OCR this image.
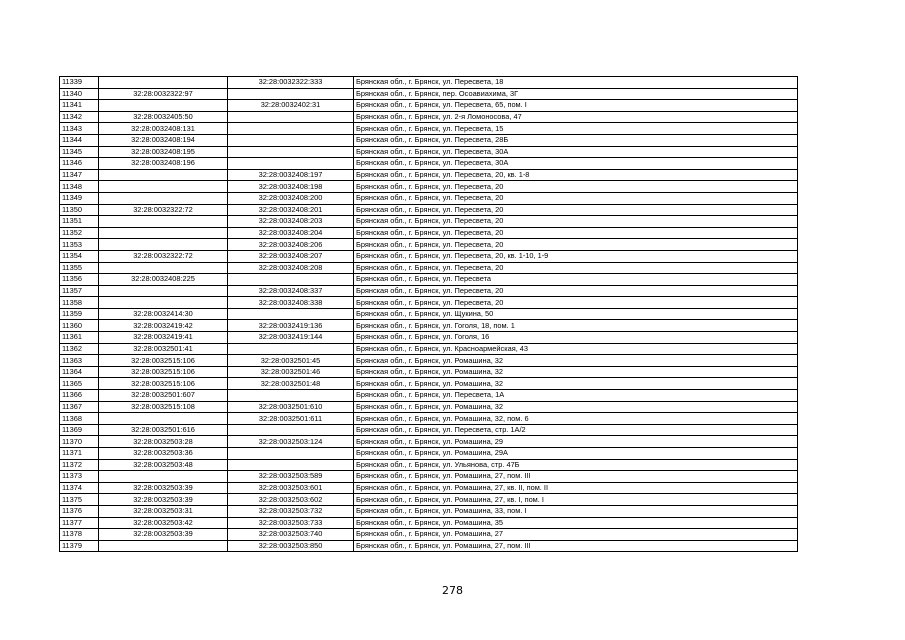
11339		32:28:0032322:333	Брянская обл., г. Брянск, ул. Пересвета, 18
11340	32:28:0032322:97		Брянская обл., г. Брянск, пер. Осоавиахима, 3Г
11341		32:28:0032402:31	Брянская обл., г. Брянск, ул. Пересвета, 65, пом. I
11342	32:28:0032405:50		Брянская обл., г. Брянск, ул. 2-я Ломоносова, 47
11343	32:28:0032408:131		Брянская обл., г. Брянск, ул. Пересвета, 15
11344	32:28:0032408:194		Брянская обл., г. Брянск, ул. Пересвета, 28Б
11345	32:28:0032408:195		Брянская обл., г. Брянск, ул. Пересвета, 30А
11346	32:28:0032408:196		Брянская обл., г. Брянск, ул. Пересвета, 30А
11347		32:28:0032408:197	Брянская обл., г. Брянск, ул. Пересвета, 20, кв. 1-8
11348		32:28:0032408:198	Брянская обл., г. Брянск, ул. Пересвета, 20
11349		32:28:0032408:200	Брянская обл., г. Брянск, ул. Пересвета, 20
11350	32:28:0032322:72	32:28:0032408:201	Брянская обл., г. Брянск, ул. Пересвета, 20
11351		32:28:0032408:203	Брянская обл., г. Брянск, ул. Пересвета, 20
11352		32:28:0032408:204	Брянская обл., г. Брянск, ул. Пересвета, 20
11353		32:28:0032408:206	Брянская обл., г. Брянск, ул. Пересвета, 20
11354	32:28:0032322:72	32:28:0032408:207	Брянская обл., г. Брянск, ул. Пересвета, 20, кв. 1-10, 1-9
11355		32:28:0032408:208	Брянская обл., г. Брянск, ул. Пересвета, 20
11356	32:28:0032408:225		Брянская обл., г. Брянск, ул. Пересвета
11357		32:28:0032408:337	Брянская обл., г. Брянск, ул. Пересвета, 20
11358		32:28:0032408:338	Брянская обл., г. Брянск, ул. Пересвета, 20
11359	32:28:0032414:30		Брянская обл., г. Брянск, ул. Щукина, 50
11360	32:28:0032419:42	32:28:0032419:136	Брянская обл., г. Брянск, ул. Гоголя, 18, пом. 1
11361	32:28:0032419:41	32:28:0032419:144	Брянская обл., г. Брянск, ул. Гоголя, 16
11362	32:28:0032501:41		Брянская обл., г. Брянск, ул. Красноармейская, 43
11363	32:28:0032515:106	32:28:0032501:45	Брянская обл., г. Брянск, ул. Ромашина, 32
11364	32:28:0032515:106	32:28:0032501:46	Брянская обл., г. Брянск, ул. Ромашина, 32
11365	32:28:0032515:106	32:28:0032501:48	Брянская обл., г. Брянск, ул. Ромашина, 32
11366	32:28:0032501:607		Брянская обл., г. Брянск, ул. Пересвета, 1А
11367	32:28:0032515:108	32:28:0032501:610	Брянская обл., г. Брянск, ул. Ромашина, 32
11368		32:28:0032501:611	Брянская обл., г. Брянск, ул. Ромашина, 32, пом. 6
11369	32:28:0032501:616		Брянская обл., г. Брянск, ул. Пересвета, стр. 1А/2
11370	32:28:0032503:28	32:28:0032503:124	Брянская обл., г. Брянск, ул. Ромашина, 29
11371	32:28:0032503:36		Брянская обл., г. Брянск, ул. Ромашина, 29А
11372	32:28:0032503:48		Брянская обл., г. Брянск, ул. Ульянова, стр. 47Б
11373		32:28:0032503:589	Брянская обл., г. Брянск, ул. Ромашина, 27, пом. III
11374	32:28:0032503:39	32:28:0032503:601	Брянская обл., г. Брянск, ул. Ромашина, 27, кв. II, пом. II
11375	32:28:0032503:39	32:28:0032503:602	Брянская обл., г. Брянск, ул. Ромашина, 27, кв. I, пом. I
11376	32:28:0032503:31	32:28:0032503:732	Брянская обл., г. Брянск, ул. Ромашина, 33, пом. I
11377	32:28:0032503:42	32:28:0032503:733	Брянская обл., г. Брянск, ул. Ромашина, 35
11378	32:28:0032503:39	32:28:0032503:740	Брянская обл., г. Брянск, ул. Ромашина, 27
11379		32:28:0032503:850	Брянская обл., г. Брянск, ул. Ромашина, 27, пом. III
278
